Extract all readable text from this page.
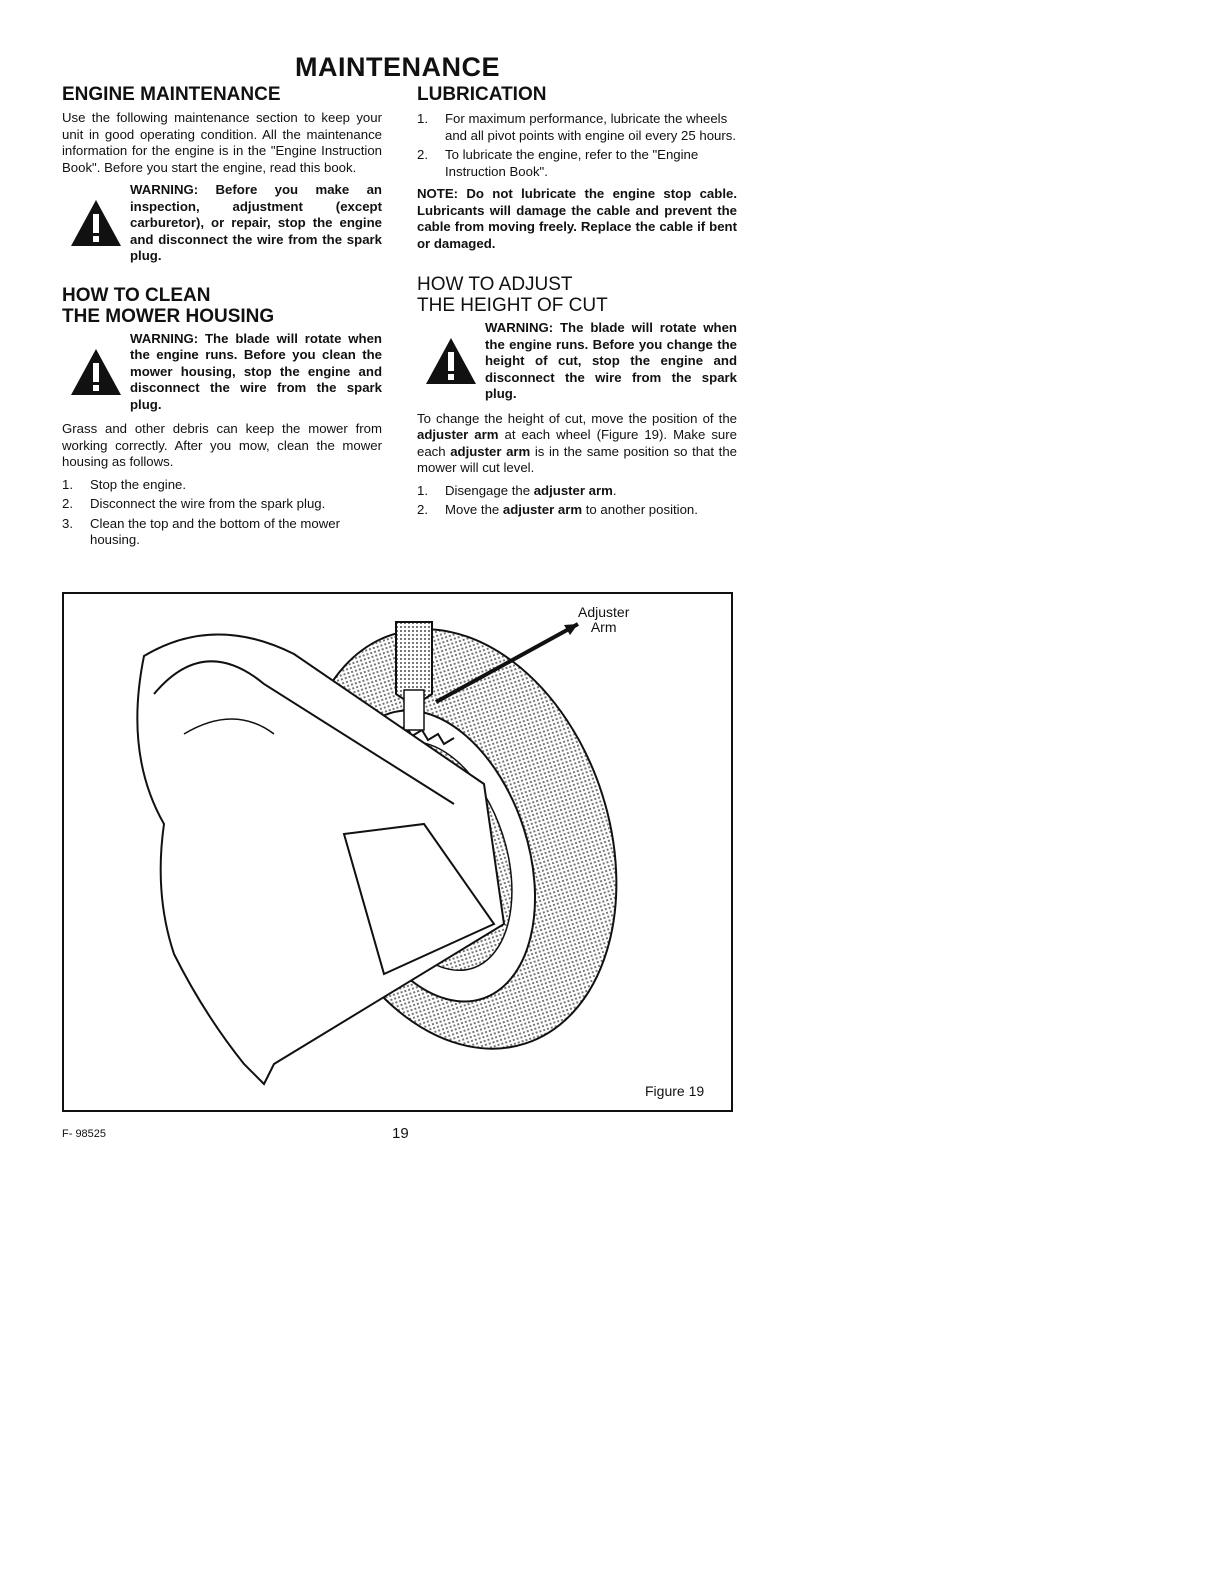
MAINTENANCE
ENGINE MAINTENANCE

Use the following maintenance section to keep your unit in good operating condition. All the maintenance information for the engine is in the "Engine Instruction Book". Before you start the engine, read this book.

WARNING: Before you make an inspection, adjustment (except carburetor), or repair, stop the engine and disconnect the wire from the spark plug.
HOW TO CLEAN
THE MOWER HOUSING
WARNING: The blade will rotate when the engine runs. Before you clean the mower housing, stop the engine and disconnect the wire from the spark plug.

Grass and other debris can keep the mower from working correctly. After you mow, clean the mower housing as follows.

1.	Stop the engine.
2.	Disconnect the wire from the spark plug.
3.	Clean the top and the bottom of the mower housing.
LUBRICATION
1.	For maximum performance, lubricate the wheels and all pivot points with engine oil every 25 hours.
2.	To lubricate the engine, refer to the "Engine Instruction Book".

NOTE: Do not lubricate the engine stop cable. Lubricants will damage the cable and prevent the cable from moving freely. Replace the cable if bent or damaged.

HOW TO ADJUST
THE HEIGHT OF CUT
WARNING: The blade will rotate when the engine runs. Before you change the height of cut, stop the engine and disconnect the wire from the spark plug.

To change the height of cut, move the position of the adjuster arm at each wheel (Figure 19). Make sure each adjuster arm is in the same position so that the mower will cut level.

1.	Disengage the adjuster arm.
2.	Move the adjuster arm to another position.
Adjuster
Arm
Figure 19
F- 98525	19
